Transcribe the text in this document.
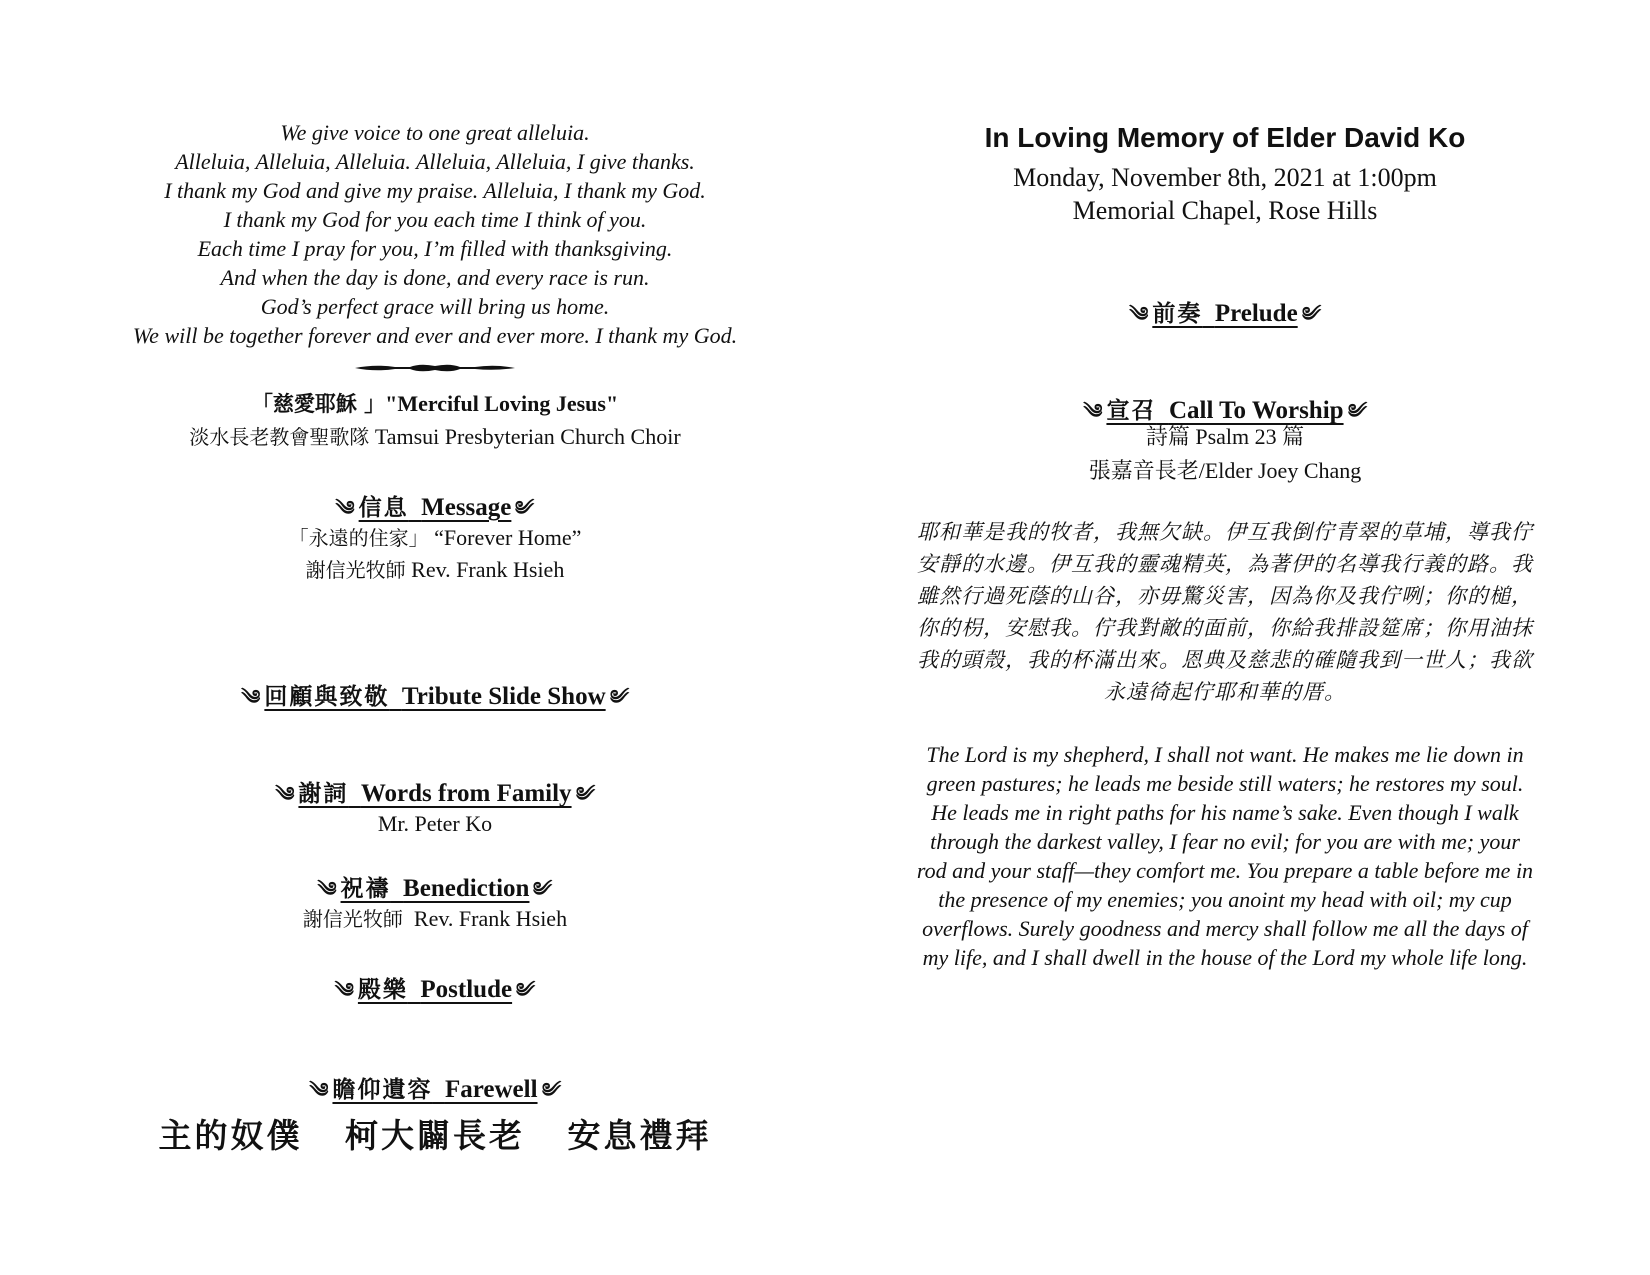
We give voice to one great alleluia.
Alleluia, Alleluia, Alleluia. Alleluia, Alleluia, I give thanks.
I thank my God and give my praise. Alleluia, I thank my God.
I thank my God for you each time I think of you.
Each time I pray for you, I’m filled with thanksgiving.
And when the day is done, and every race is run.
God’s perfect grace will bring us home.
We will be together forever and ever and ever more. I thank my God.
「慈愛耶穌 」"Merciful Loving Jesus"
淡水長老教會聖歌隊 Tamsui Presbyterian Church Choir
༄ 信息 Message ༄
「永遠的住家」 “Forever Home”
謝信光牧師 Rev. Frank Hsieh
༄ 回顧與致敬 Tribute Slide Show ༄
༄ 謝詞 Words from Family ༄
Mr. Peter Ko
༄ 祝禱 Benediction ༄
謝信光牧師 Rev. Frank Hsieh
༄ 殿樂 Postlude ༄
༄ 瞻仰遺容 Farewell ༄
主的奴僕 柯大闢長老 安息禮拜
In Loving Memory of Elder David Ko
Monday, November 8th, 2021 at 1:00pm
Memorial Chapel, Rose Hills
༄ 前奏 Prelude ༄
༄ 宣召 Call To Worship ༄
詩篇 Psalm 23 篇
張嘉音長老/Elder Joey Chang
耶和華是我的牧者，我無欠缺。伊互我倒佇青翠的草埔，導我佇
安靜的水邊。伊互我的靈魂精英，為著伊的名導我行義的路。我
雖然行過死蔭的山谷，亦毋驚災害，因為你及我佇咧；你的槌，
你的枴，安慰我。佇我對敵的面前，你給我排設筵席；你用油抹
我的頭殼，我的杯滿出來。恩典及慈悲的確隨我到一世人；我欲
永遠徛起佇耶和華的厝。
The Lord is my shepherd, I shall not want. He makes me lie down in
green pastures; he leads me beside still waters; he restores my soul.
He leads me in right paths for his name’s sake. Even though I walk
through the darkest valley, I fear no evil; for you are with me; your
rod and your staff—they comfort me. You prepare a table before me in
the presence of my enemies; you anoint my head with oil; my cup
overflows. Surely goodness and mercy shall follow me all the days of
my life, and I shall dwell in the house of the Lord my whole life long.
